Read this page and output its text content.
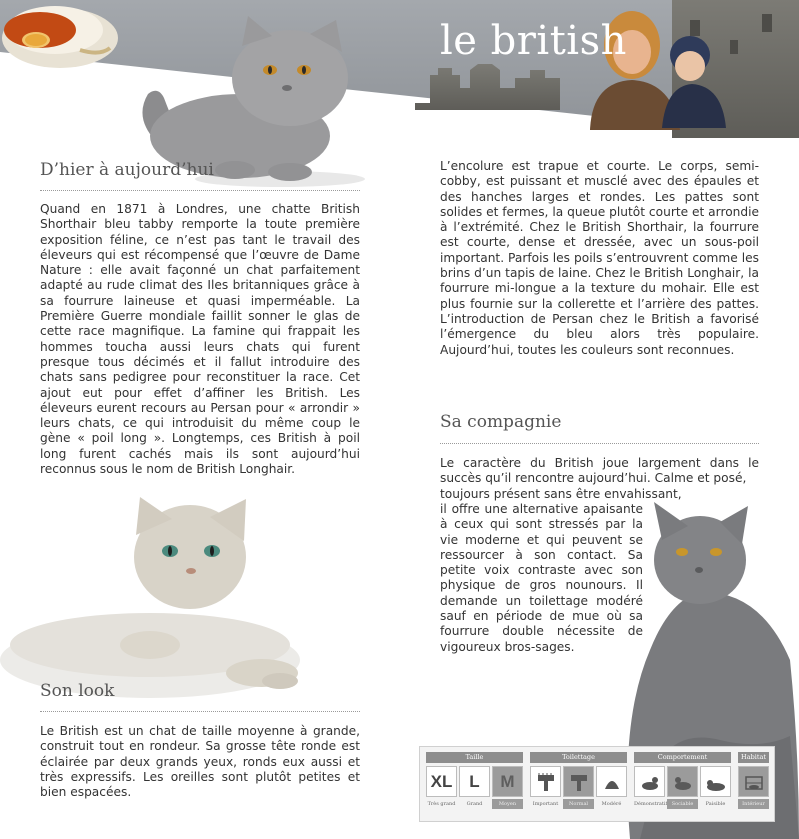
le british
D’hier à aujourd’hui

Quand en 1871 à Londres, une chatte British Shorthair bleu tabby remporte la toute première exposition féline, ce n’est pas tant le travail des éleveurs qui est récompensé que l’œuvre de Dame Nature : elle avait façonné un chat parfaitement adapté au rude climat des Iles britanniques grâce à sa fourrure laineuse et quasi imperméable. La Première Guerre mondiale faillit sonner le glas de cette race magnifique. La famine qui frappait les hommes toucha aussi leurs chats qui furent presque tous décimés et il fallut introduire des chats sans pedigree pour reconstituer la race. Cet ajout eut pour effet d’affiner les British. Les éleveurs eurent recours au Persan pour « arrondir » leurs chats, ce qui introduisit du même coup le gène « poil long ». Longtemps, ces British à poil long furent cachés mais ils sont aujourd’hui reconnus sous le nom de British Longhair.

Son look

Le British est un chat de taille moyenne à grande, construit tout en rondeur. Sa grosse tête ronde est éclairée par deux grands yeux, ronds eux aussi et très expressifs. Les oreilles sont plutôt petites et bien espacées.

L’encolure est trapue et courte. Le corps, semi-cobby, est puissant et musclé avec des épaules et des hanches larges et rondes. Les pattes sont solides et fermes, la queue plutôt courte et arrondie à l’extrémité. Chez le British Shorthair, la fourrure est courte, dense et dressée, avec un sous-poil important. Parfois les poils s’entrouvrent comme les brins d’un tapis de laine. Chez le British Longhair, la fourrure mi-longue a la texture du mohair. Elle est plus fournie sur la collerette et l’arrière des pattes. L’introduction de Persan chez le British a favorisé l’émergence du bleu alors très populaire. Aujourd’hui, toutes les couleurs sont reconnues.

Sa compagnie

Le caractère du British joue largement dans le
succès qu’il rencontre aujourd’hui. Calme et posé,
toujours présent sans être envahissant,

il offre une alternative apaisante à ceux qui sont stressés par la vie moderne et qui peuvent se ressourcer à son contact. Sa petite voix contraste avec son physique de gros nounours. Il demande un toilettage modéré sauf en période de mue où sa fourrure double nécessite de vigoureux bros-sages.

Taille
XL L M
Très grand	Grand	Moyen
Toilettage
Important	Normal	Modéré
Comportement
Démonstratif Sociable	Paisible
Habitat
Intérieur
